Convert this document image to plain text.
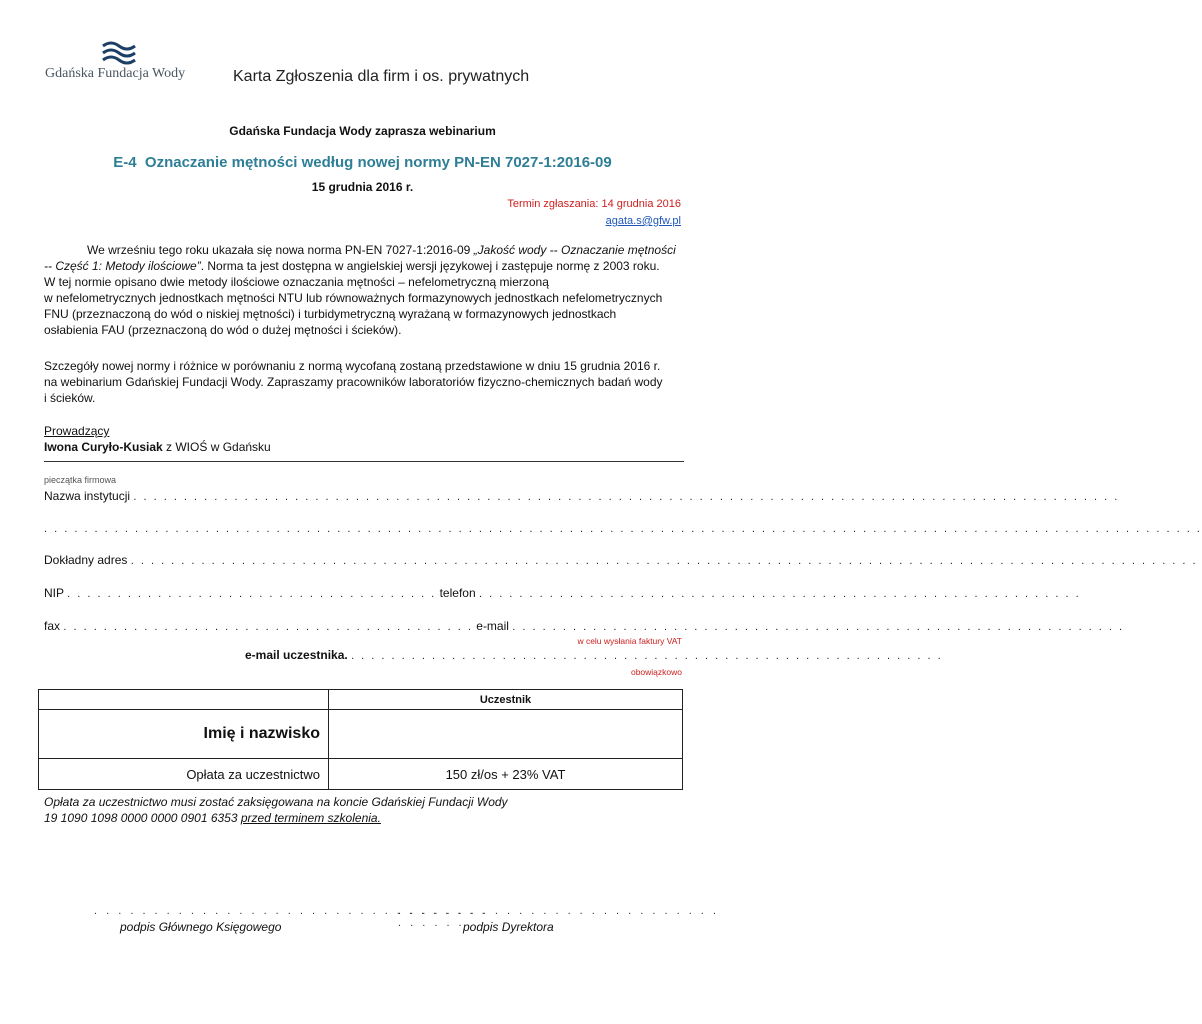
Gdańska Fundacja Wody	Karta Zgłoszenia dla firm i os. prywatnych
Gdańska Fundacja Wody zaprasza webinarium
E-4 Oznaczanie mętności według nowej normy PN-EN 7027-1:2016-09
15 grudnia 2016 r.
Termin zgłaszania: 14 grudnia 2016
agata.s@gfw.pl
We wrześniu tego roku ukazała się nowa norma PN-EN 7027-1:2016-09 „Jakość wody -- Oznaczanie mętności
-- Część 1: Metody ilościowe”. Norma ta jest dostępna w angielskiej wersji językowej i zastępuje normę z 2003 roku.
W tej normie opisano dwie metody ilościowe oznaczania mętności – nefelometryczną mierzoną
w nefelometrycznych jednostkach mętności NTU lub równoważnych formazynowych jednostkach nefelometrycznych
FNU (przeznaczoną do wód o niskiej mętności) i turbidymetryczną wyrażaną w formazynowych jednostkach
osłabienia FAU (przeznaczoną do wód o dużej mętności i ścieków).
Szczegóły nowej normy i różnice w porównaniu z normą wycofaną zostaną przedstawione w dniu 15 grudnia 2016 r.
na webinarium Gdańskiej Fundacji Wody. Zapraszamy pracowników laboratoriów fizyczno-chemicznych badań wody
i ścieków.
Prowadzący
Iwona Curyło-Kusiak z WIOŚ w Gdańsku
pieczątka firmowa
Nazwa instytucji . . . . . . . . . . . . . . . . . . . . . . . . . . . . . . . . . . . . . . . . . . . . . . . . . . . . . . . . . . . . . . . . . . . . . . . . . . . . . . . . . . . . . . . . . . . . . . . . . .
. . . . . . . . . . . . . . . . . . . . . . . . . . . . . . . . . . . . . . . . . . . . . . . . . . . . . . . . . . . . . . . . . . . . . . . . . . . . . . . . . . . . . . . . . . . . . . . . . . . . . . . . . . . . . . . . . . .
Dokładny adres . . . . . . . . . . . . . . . . . . . . . . . . . . . . . . . . . . . . . . . . . . . . . . . . . . . . . . . . . . . . . . . . . . . . . . . . . . . . . . . . . . . . . . . . . . . . . . . . . . . . . . . . . .
NIP . . . . . . . . . . . . . . . . . . . . . . . . . . . . . . . . . . . . . telefon . . . . . . . . . . . . . . . . . . . . . . . . . . . . . . . . . . . . . . . . . . . . . . . . . . . . . . . . . . . .
fax . . . . . . . . . . . . . . . . . . . . . . . . . . . . . . . . . . . . . . . . . e-mail . . . . . . . . . . . . . . . . . . . . . . . . . . . . . . . . . . . . . . . . . . . . . . . . . . . . . . . . . . . . .
w celu wysłania faktury VAT
e-mail uczestnika. . . . . . . . . . . . . . . . . . . . . . . . . . . . . . . . . . . . . . . . . . . . . . . . . . . . . . . . . . . .
obowiązkowo
	Uczestnik
Imię i nazwisko	
Opłata za uczestnictwo	150 zł/os + 23% VAT
Opłata za uczestnictwo musi zostać zaksięgowana na koncie Gdańskiej Fundacji Wody
19 1090 1098 0000 0000 0901 6353 przed terminem szkolenia.
. . . . . . . . . . . . . . . . . . . . . . . . . . . . . . . . .
podpis Głównego Księgowego
. . . . . . . . . . . . . . . . . . . . . . . . . . . . . . . . .
podpis Dyrektora
